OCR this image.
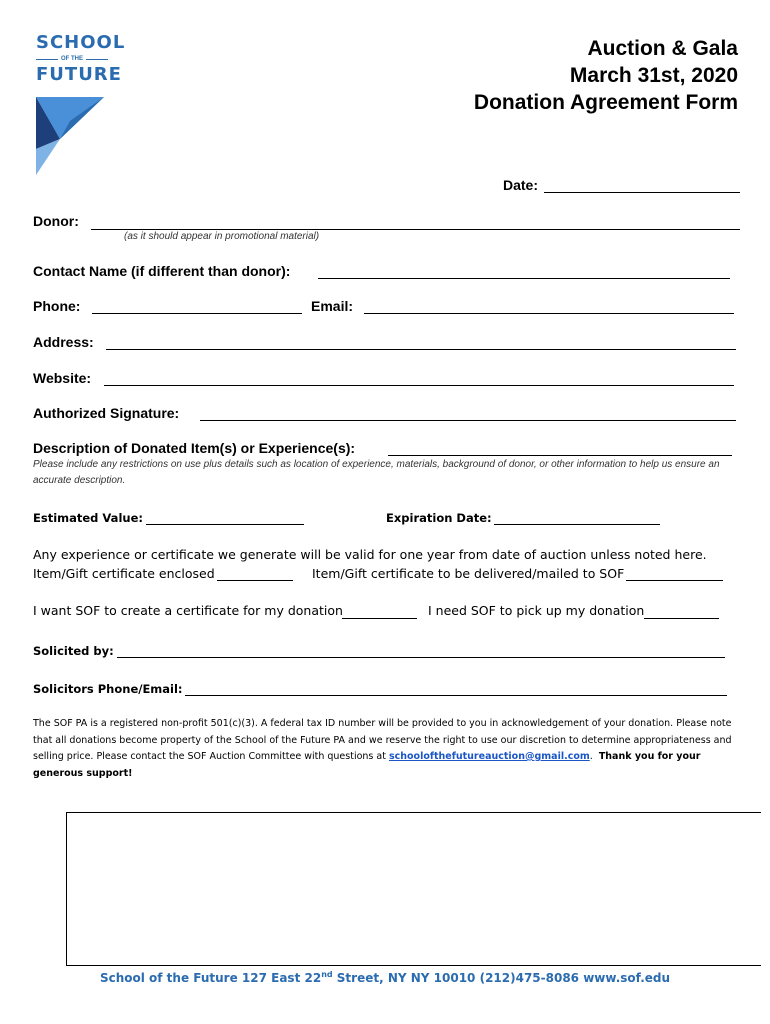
SCHOOL
OF THE
FUTURE
Auction & Gala
March 31st, 2020
Donation Agreement Form
Date:
Donor:
(as it should appear in promotional material)
Contact Name (if different than donor):
Phone:	Email:
Address:
Website:
Authorized Signature:
Description of Donated Item(s) or Experience(s):
Please include any restrictions on use plus details such as location of experience, materials, background of donor, or other information to help us ensure an accurate description.
Estimated Value:	Expiration Date:
Any experience or certificate we generate will be valid for one year from date of auction unless noted here.
Item/Gift certificate enclosed	Item/Gift certificate to be delivered/mailed to SOF
I want SOF to create a certificate for my donation	I need SOF to pick up my donation
Solicited by:
Solicitors Phone/Email:
The SOF PA is a registered non-profit 501(c)(3). A federal tax ID number will be provided to you in acknowledgement of your donation. Please note that all donations become property of the School of the Future PA and we reserve the right to use our discretion to determine appropriateness and selling price. Please contact the SOF Auction Committee with questions at schoolofthefutureauction@gmail.com.  Thank you for your generous support!
School of the Future 127 East 22nd Street, NY NY 10010 (212)475-8086 www.sof.edu
